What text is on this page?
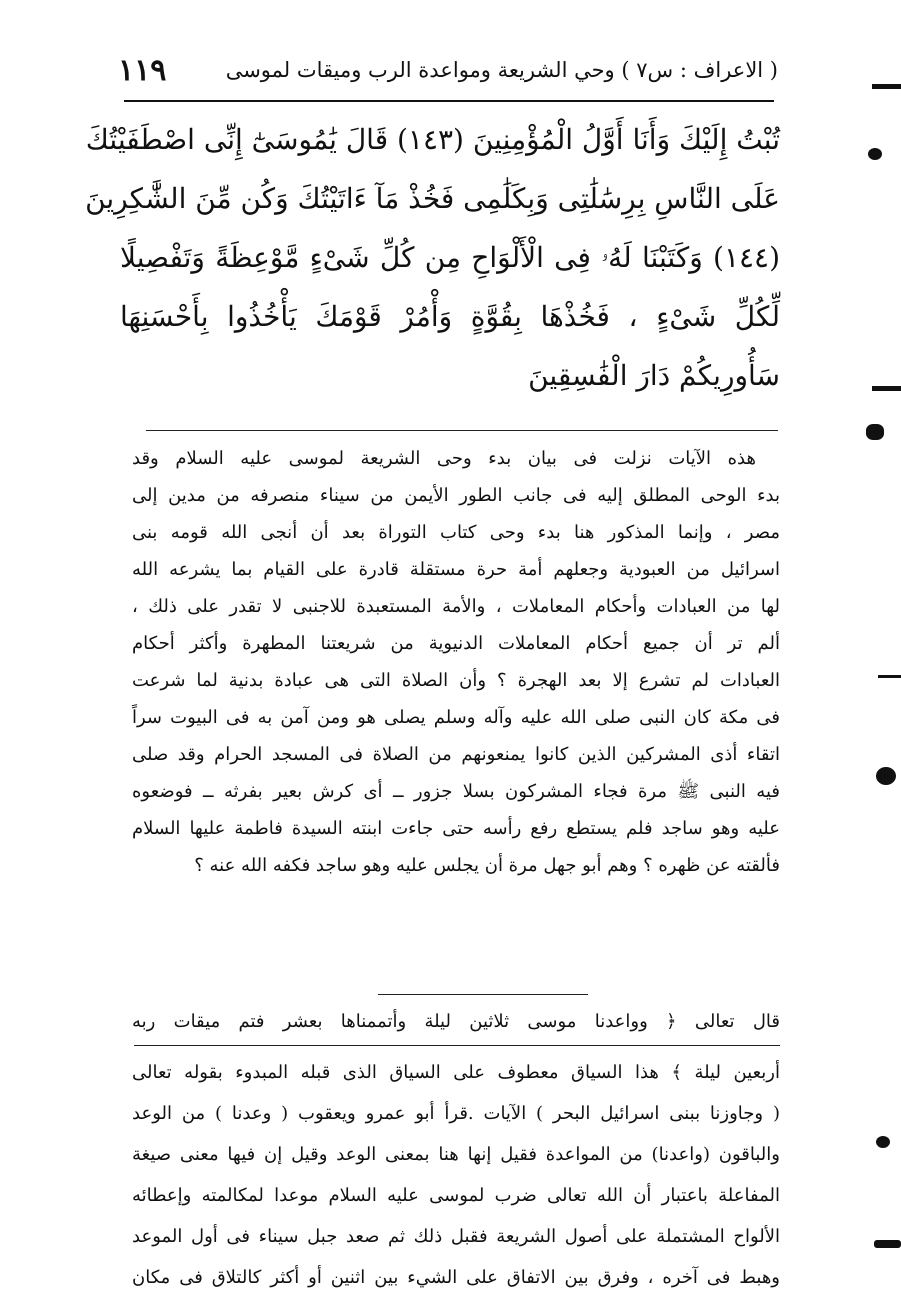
( الاعراف : س٧ ) وحي الشريعة ومواعدة الرب وميقات لموسى
١١٩
تُبْتُ إِلَيْكَ وَأَنَا أَوَّلُ الْمُؤْمِنِينَ (١٤٣) قَالَ يَٰمُوسَىٰٓ إِنِّى اصْطَفَيْتُكَ
عَلَى النَّاسِ بِرِسَٰلَٰتِى وَبِكَلَٰمِى فَخُذْ مَآ ءَاتَيْتُكَ وَكُن مِّنَ الشَّٰكِرِينَ
(١٤٤) وَكَتَبْنَا لَهُۥ فِى الْأَلْوَاحِ مِن كُلِّ شَىْءٍ مَّوْعِظَةً وَتَفْصِيلًا
لِّكُلِّ شَىْءٍ ، فَخُذْهَا بِقُوَّةٍ وَأْمُرْ قَوْمَكَ يَأْخُذُوا بِأَحْسَنِهَا
سَأُورِيكُمْ دَارَ الْفَٰسِقِينَ
هذه الآيات نزلت فى بيان بدء وحى الشريعة لموسى عليه السلام وقد
بدء الوحى المطلق إليه فى جانب الطور الأيمن من سيناء منصرفه من مدين إلى
مصر ، وإنما المذكور هنا بدء وحى كتاب التوراة بعد أن أنجى الله قومه بنى
اسرائيل من العبودية وجعلهم أمة حرة مستقلة قادرة على القيام بما يشرعه الله
لها من العبادات وأحكام المعاملات ، والأمة المستعبدة للاجنبى لا تقدر على ذلك ،
ألم تر أن جميع أحكام المعاملات الدنيوية من شريعتنا المطهرة وأكثر أحكام
العبادات لم تشرع إلا بعد الهجرة ؟ وأن الصلاة التى هى عبادة بدنية لما شرعت
فى مكة كان النبى صلى الله عليه وآله وسلم يصلى هو ومن آمن به فى البيوت سراً
اتقاء أذى المشركين الذين كانوا يمنعونهم من الصلاة فى المسجد الحرام وقد صلى
فيه النبى ﷺ مرة فجاء المشركون بسلا جزور ــ أى كرش بعير بفرثه ــ فوضعوه
عليه وهو ساجد فلم يستطع رفع رأسه حتى جاءت ابنته السيدة فاطمة عليها السلام
فألقته عن ظهره ؟ وهم أبو جهل مرة أن يجلس عليه وهو ساجد فكفه الله عنه ؟
قال تعالى ﴿ وواعدنا موسى ثلاثين ليلة وأتممناها بعشر فتم ميقات ربه
أربعين ليلة ﴾ هذا السياق معطوف على السياق الذى قبله المبدوء بقوله تعالى
( وجاوزنا ببنى اسرائيل البحر ) الآيات .قرأ أبو عمرو ويعقوب ( وعدنا ) من الوعد
والباقون (واعدنا) من المواعدة فقيل إنها هنا بمعنى الوعد وقيل إن فيها معنى صيغة
المفاعلة باعتبار أن الله تعالى ضرب لموسى عليه السلام موعدا لمكالمته وإعطائه
الألواح المشتملة على أصول الشريعة فقبل ذلك ثم صعد جبل سيناء فى أول الموعد
وهبط فى آخره ، وفرق بين الاتفاق على الشيء بين اثنين أو أكثر كالتلاق فى مكان
